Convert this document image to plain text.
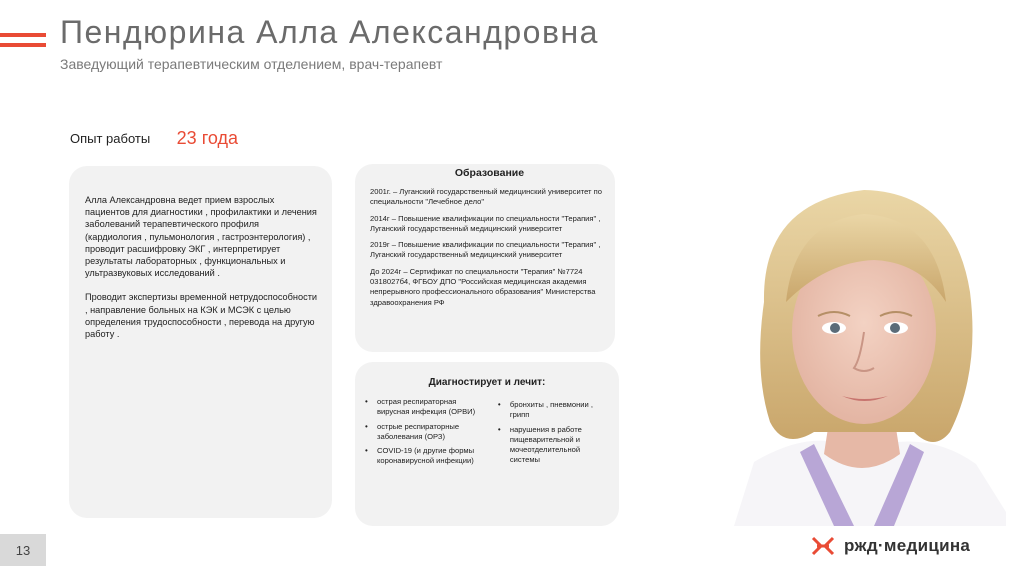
Пендюрина Алла Александровна
Заведующий терапевтическим отделением, врач-терапевт
Опыт работы 23 года

Алла Александровна ведет прием взрослых пациентов для диагностики , профилактики и лечения заболеваний терапевтического профиля (кардиология , пульмонология , гастроэнтерология) , проводит расшифровку ЭКГ , интерпретирует результаты лабораторных , функциональных и ультразвуковых исследований .

Проводит экспертизы временной нетрудоспособности , направление больных на КЭК и МСЭК с целью определения трудоспособности , перевода на другую работу .

Образование
2001г. – Луганский государственный медицинский университет по специальности "Лечебное дело"
2014г – Повышение квалификации по специальности "Терапия" , Луганский государственный медицинский университет
2019г – Повышение квалификации по специальности "Терапия" , Луганский государственный медицинский университет
До 2024г – Сертификат по специальности "Терапия" №7724 0318027б4, ФГБОУ ДПО "Российская медицинская академия непрерывного профессионального образования" Министерства здравоохранения РФ
Диагностирует и лечит:
• острая респираторная вирусная инфекция (ОРВИ)
• острые респираторные заболевания (ОРЗ)
• COVID-19 (и другие формы коронавирусной инфекции)
• бронхиты , пневмонии , грипп
• нарушения в работе пищеварительной и мочеотделительной системы
13	ржд·медицина
